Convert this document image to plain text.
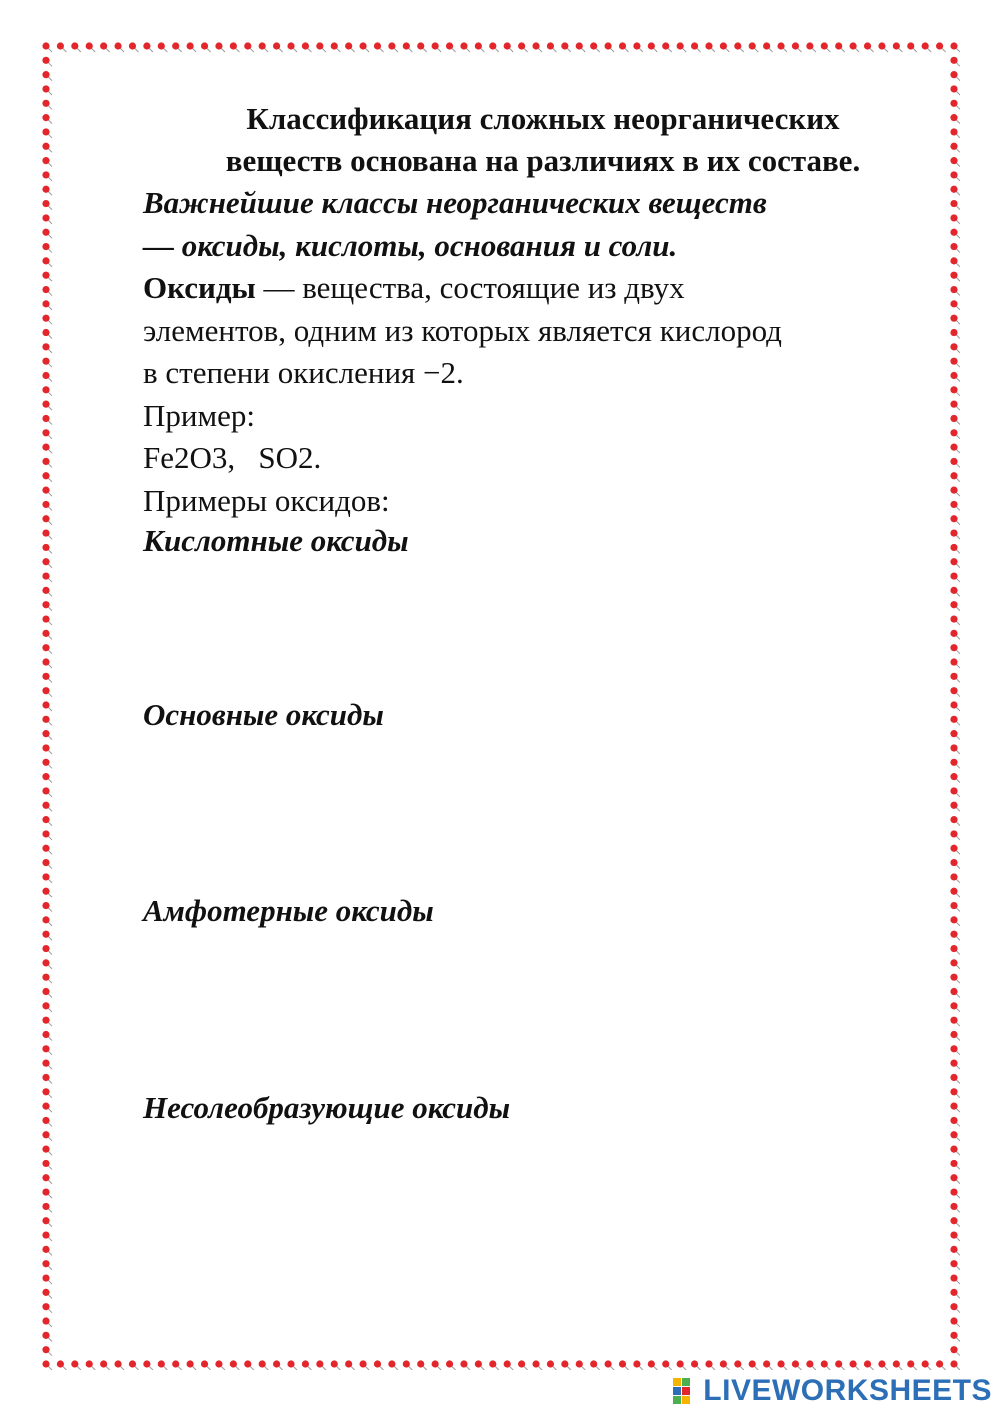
Классификация сложных неорганических
веществ основана на различиях в их составе.

Важнейшие классы неорганических веществ
— оксиды, кислоты, основания и соли.

Оксиды — вещества, состоящие из двух
элементов, одним из которых является кислород
в степени окисления −2.

Пример:

Fe2O3,   SO2.

Примеры оксидов:

Кислотные оксиды

Основные оксиды

Амфотерные оксиды

Несолеобразующие оксиды

LIVEWORKSHEETS
